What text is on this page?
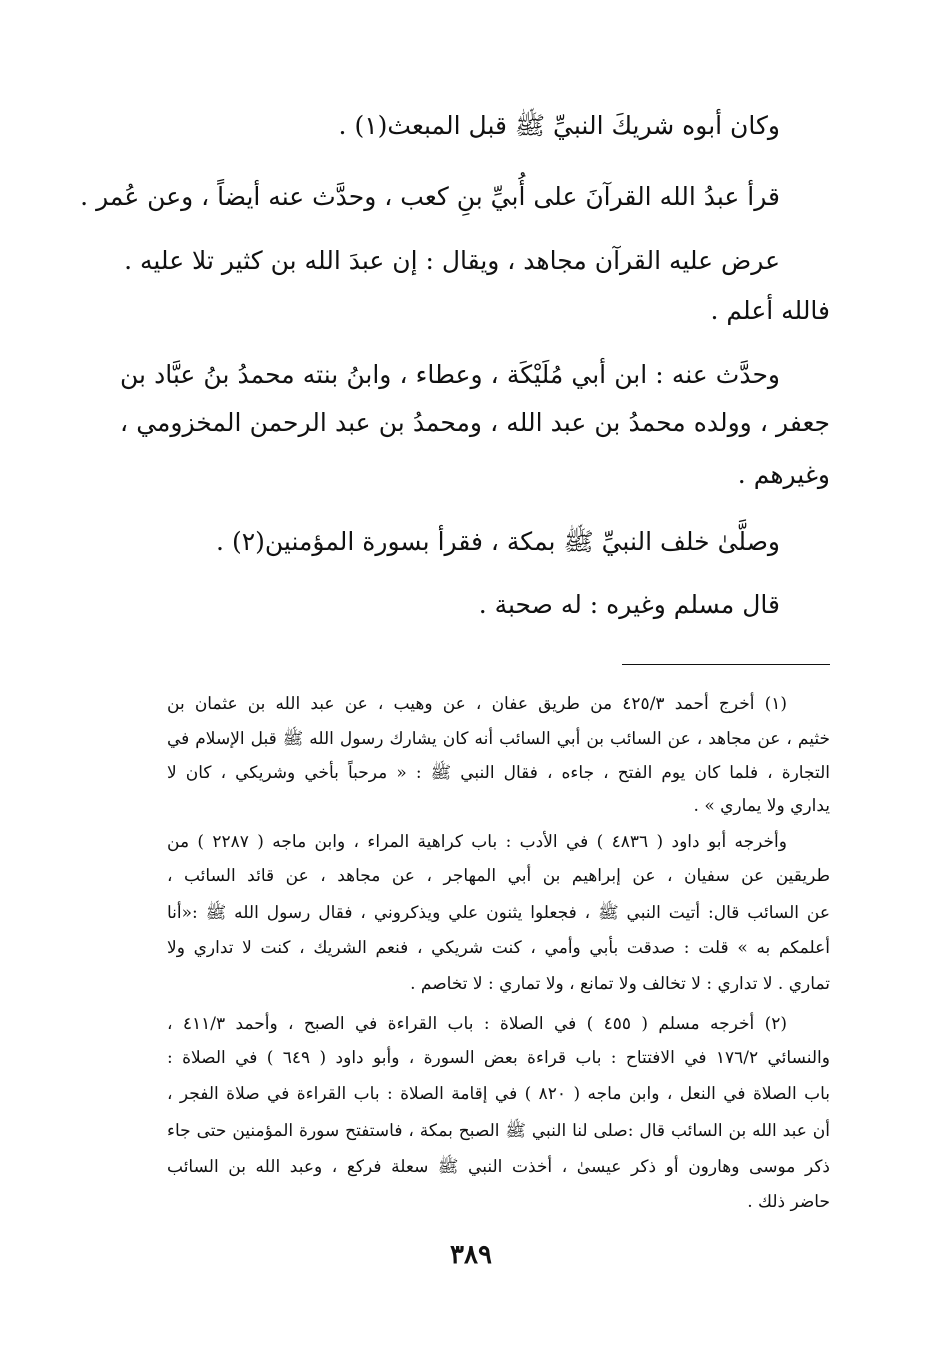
وكان أبوه شريكَ النبيِّ ﷺ قبل المبعث(١) .
قرأ عبدُ الله القرآنَ على أُبيِّ بنِ كعب ، وحدَّث عنه أيضاً ، وعن عُمر .
عرض عليه القرآن مجاهد ، ويقال : إن عبدَ الله بن كثير تلا عليه .
فالله أعلم .
وحدَّث عنه : ابن أبي مُلَيْكَة ، وعطاء ، وابنُ بنته محمدُ بنُ عبَّاد بن
جعفر ، وولده محمدُ بن عبد الله ، ومحمدُ بن عبد الرحمن المخزومي ،
وغيرهم .
وصلَّىٰ خلف النبيِّ ﷺ بمكة ، فقرأ بسورة المؤمنين(٢) .
قال مسلم وغيره : له صحبة .
(١) أخرج أحمد ٤٢٥/٣ من طريق عفان ، عن وهيب ، عن عبد الله بن عثمان بن
خثيم ، عن مجاهد ، عن السائب بن أبي السائب أنه كان يشارك رسول الله ﷺ قبل الإسلام في
التجارة ، فلما كان يوم الفتح ، جاءه ، فقال النبي ﷺ : « مرحباً بأخي وشريكي ، كان لا
يداري ولا يماري » .
وأخرجه أبو داود ( ٤٨٣٦ ) في الأدب : باب كراهية المراء ، وابن ماجه ( ٢٢٨٧ ) من
طريقين عن سفيان ، عن إبراهيم بن أبي المهاجر ، عن مجاهد ، عن قائد السائب ،
عن السائب قال: أتيت النبي ﷺ ، فجعلوا يثنون علي ويذكروني ، فقال رسول الله ﷺ :«أنا
أعلمكم به » قلت : صدقت بأبي وأمي ، كنت شريكي ، فنعم الشريك ، كنت لا تداري ولا
تماري . لا تداري : لا تخالف ولا تمانع ، ولا تماري : لا تخاصم .
(٢) أخرجه مسلم ( ٤٥٥ ) في الصلاة : باب القراءة في الصبح ، وأحمد ٤١١/٣ ،
والنسائي ١٧٦/٢ في الافتتاح : باب قراءة بعض السورة ، وأبو داود ( ٦٤٩ ) في الصلاة :
باب الصلاة في النعل ، وابن ماجه ( ٨٢٠ ) في إقامة الصلاة : باب القراءة في صلاة الفجر ،
أن عبد الله بن السائب قال :صلى لنا النبي ﷺ الصبح بمكة ، فاستفتح سورة المؤمنين حتى جاء
ذكر موسى وهارون أو ذكر عيسىٰ ، أخذت النبي ﷺ سعلة فركع ، وعبد الله بن السائب
حاضر ذلك .
٣٨٩
